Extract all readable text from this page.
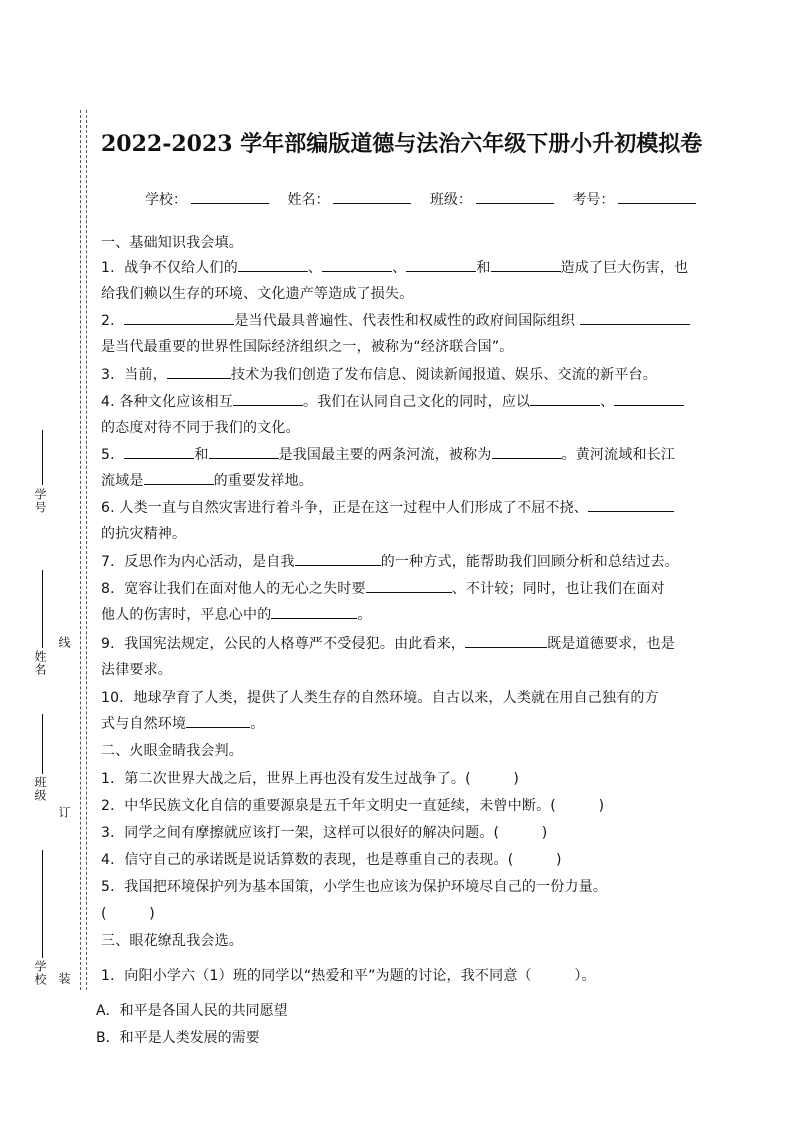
学号
姓名
线
班级
订
学校 装
2022-2023 学年部编版道德与法治六年级下册小升初模拟卷
学校：	姓名：	班级：	考号：
一、基础知识我会填。
1．战争不仅给人们的	、	、	和	造成了巨大伤害，也
给我们赖以生存的环境、文化遗产等造成了损失。
2．	是当代最具普遍性、代表性和权威性的政府间国际组织
是当代最重要的世界性国际经济组织之一，被称为“经济联合国”。
3．当前，	技术为我们创造了发布信息、阅读新闻报道、娱乐、交流的新平台。
4. 各种文化应该相互	。我们在认同自己文化的同时，应以	、
的态度对待不同于我们的文化。
5．	和	是我国最主要的两条河流，被称为	。黄河流域和长江
流域是	的重要发祥地。
6. 人类一直与自然灾害进行着斗争，正是在这一过程中人们形成了不屈不挠、
的抗灾精神。
7．反思作为内心活动，是自我	的一种方式，能帮助我们回顾分析和总结过去。
8．宽容让我们在面对他人的无心之失时要	、不计较；同时，也让我们在面对
他人的伤害时，平息心中的	。
9．我国宪法规定，公民的人格尊严不受侵犯。由此看来，	既是道德要求，也是
法律要求。
10．地球孕育了人类，提供了人类生存的自然环境。自古以来，人类就在用自己独有的方
式与自然环境	。
二、火眼金睛我会判。
1．第二次世界大战之后，世界上再也没有发生过战争了。(　　　)
2．中华民族文化自信的重要源泉是五千年文明史一直延续，未曾中断。(　　　)
3．同学之间有摩擦就应该打一架，这样可以很好的解决问题。(　　　)
4．信守自己的承诺既是说话算数的表现，也是尊重自己的表现。(　　　)
5．我国把环境保护列为基本国策，小学生也应该为保护环境尽自己的一份力量。
(　　　)
三、眼花缭乱我会选。
1．向阳小学六（1）班的同学以“热爱和平”为题的讨论，我不同意（　　　）。
A．和平是各国人民的共同愿望
B．和平是人类发展的需要
